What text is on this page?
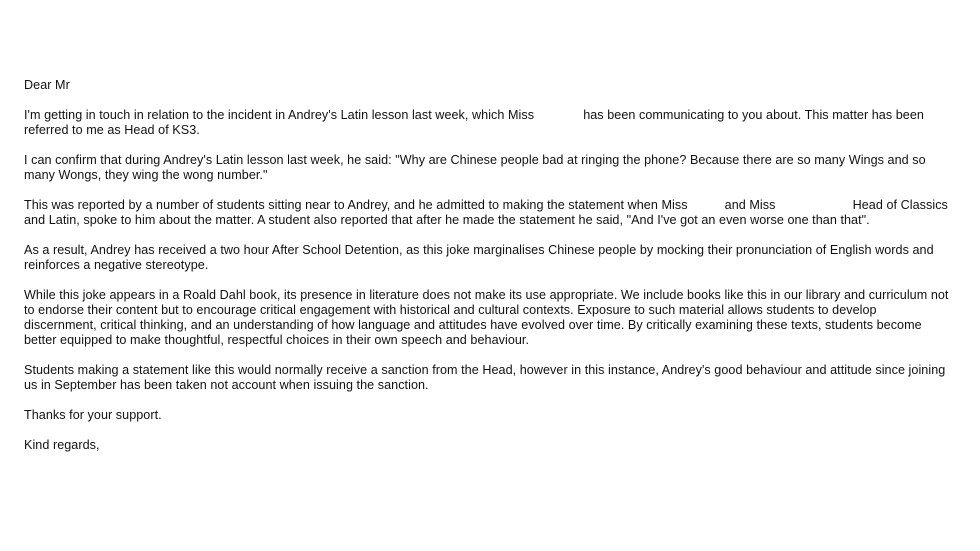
Dear Mr

I'm getting in touch in relation to the incident in Andrey's Latin lesson last week, which Miss	has been communicating to you about. This matter has been referred to me as Head of KS3.

I can confirm that during Andrey's Latin lesson last week, he said: "Why are Chinese people bad at ringing the phone? Because there are so many Wings and so many Wongs, they wing the wong number."

This was reported by a number of students sitting near to Andrey, and he admitted to making the statement when Miss	and Miss	Head of Classics and Latin, spoke to him about the matter. A student also reported that after he made the statement he said, "And I've got an even worse one than that".

As a result, Andrey has received a two hour After School Detention, as this joke marginalises Chinese people by mocking their pronunciation of English words and reinforces a negative stereotype.

While this joke appears in a Roald Dahl book, its presence in literature does not make its use appropriate. We include books like this in our library and curriculum not to endorse their content but to encourage critical engagement with historical and cultural contexts. Exposure to such material allows students to develop discernment, critical thinking, and an understanding of how language and attitudes have evolved over time. By critically examining these texts, students become better equipped to make thoughtful, respectful choices in their own speech and behaviour.

Students making a statement like this would normally receive a sanction from the Head, however in this instance, Andrey's good behaviour and attitude since joining us in September has been taken not account when issuing the sanction.

Thanks for your support.

Kind regards,
